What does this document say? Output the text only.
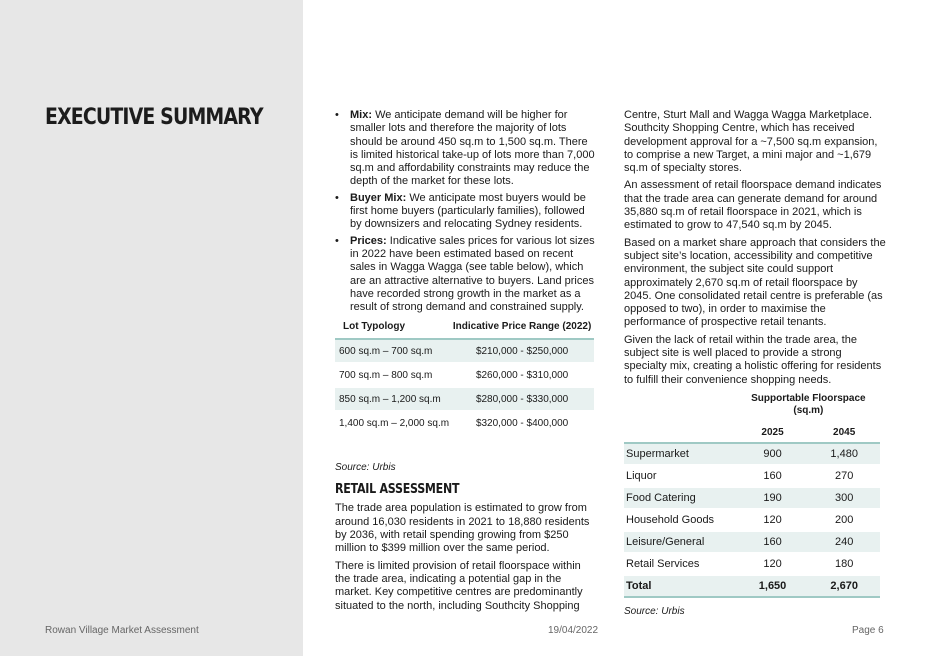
EXECUTIVE SUMMARY	• Mix: We anticipate demand will be higher for smaller lots and therefore the majority of lots should be around 450 sq.m to 1,500 sq.m. There is limited historical take-up of lots more than 7,000 sq.m and affordability constraints may reduce the depth of the market for these lots.
• Buyer Mix: We anticipate most buyers would be first home buyers (particularly families), followed by downsizers and relocating Sydney residents.
• Prices: Indicative sales prices for various lot sizes in 2022 have been estimated based on recent sales in Wagga Wagga (see table below), which are an attractive alternative to buyers. Land prices have recorded strong growth in the market as a result of strong demand and constrained supply.
Lot Typology	Indicative Price Range (2022)
600 sq.m – 700 sq.m	$210,000 - $250,000
700 sq.m – 800 sq.m	$260,000 - $310,000
850 sq.m – 1,200 sq.m	$280,000 - $330,000
1,400 sq.m – 2,000 sq.m	$320,000 - $400,000
Source: Urbis
RETAIL ASSESSMENT

The trade area population is estimated to grow from around 16,030 residents in 2021 to 18,880 residents by 2036, with retail spending growing from $250 million to $399 million over the same period.

There is limited provision of retail floorspace within the trade area, indicating a potential gap in the market. Key competitive centres are predominantly situated to the north, including Southcity Shopping

Centre, Sturt Mall and Wagga Wagga Marketplace. Southcity Shopping Centre, which has received development approval for a ~7,500 sq.m expansion, to comprise a new Target, a mini major and ~1,679 sq.m of specialty stores.

An assessment of retail floorspace demand indicates that the trade area can generate demand for around 35,880 sq.m of retail floorspace in 2021, which is estimated to grow to 47,540 sq.m by 2045.

Based on a market share approach that considers the subject site’s location, accessibility and competitive environment, the subject site could support approximately 2,670 sq.m of retail floorspace by 2045. One consolidated retail centre is preferable (as opposed to two), in order to maximise the performance of prospective retail tenants.

Given the lack of retail within the trade area, the subject site is well placed to provide a strong specialty mix, creating a holistic offering for residents to fulfill their convenience shopping needs.

	Supportable Floorspace
(sq.m)	
	2025	2045
Supermarket	900	1,480
Liquor	160	270
Food Catering	190	300
Household Goods	120	200
Leisure/General	160	240
Retail Services	120	180
Total	1,650	2,670
Source: Urbis
Rowan Village Market Assessment	19/04/2022	Page 6
